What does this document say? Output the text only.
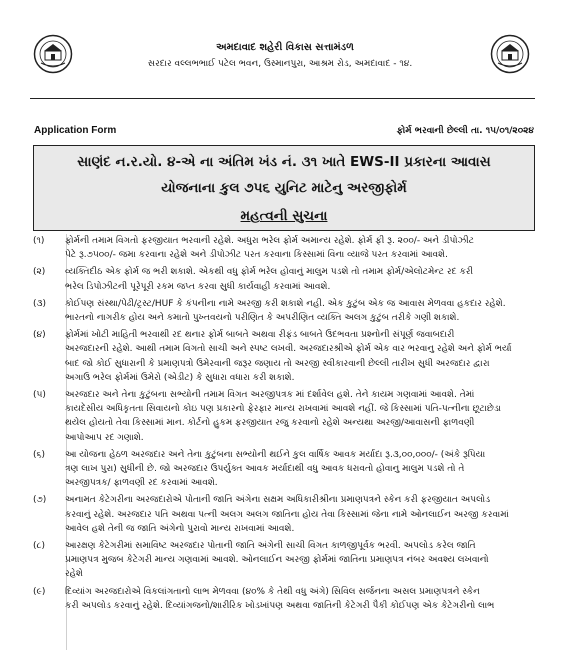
અમદાવાદ શહેરી વિકાસ સત્તામંડળ
સરદાર વલ્લભભાઈ પટેલ ભવન, ઉસ્માનપુરા, આશ્રમ રોડ, અમદાવાદ - ૧૪.
Application Form	ફોર્મ ભરવાની છેલ્લી તા. ૧૫/૦૧/૨૦૨૪
સાણંદ ન.ર.યો. ૪-એ ના અંતિમ ખંડ નં. ૩૧ ખાતે EWS-II પ્રકારના આવાસ
યોજનાના કુલ ૭૫૬ યુનિટ માટેનુ અરજીફોર્મ
મહત્વની સુચના
(૧)	ફોર્મની તમામ વિગતો ફરજીયાત ભરવાની રહેશે. અધુરા ભરેલ ફોર્મ અમાન્ય રહેશે. ફોર્મ ફી રૂ. ૨૦૦/- અને ડીપોઝીટ
પેટે રૂ.૭૫૦૦/- જમા કરવાના રહેશે અને ડીપોઝીટ પરત કરવાના કિસ્સામાં વિના વ્યાજે પરત કરવામાં આવશે.
(૨)	વ્યક્તિદીઠ એક ફોર્મ જ ભરી શકાશે. એકથી વધુ ફોર્મ ભરેલ હોવાનું માલુમ પડશે તો તમામ ફોર્મ/એલોટમેન્ટ રદ કરી
ભરેલ ડિપોઝીટની પૂરેપૂરી રકમ જપ્ત કરવા સુધી કાર્યવાહી કરવામાં આવશે.
(૩)	કોઈપણ સંસ્થા/પેઢી/ટ્રસ્ટ/HUF કે કંપનીના નામે અરજી કરી શકાશે નહી. એક કુટુંબ એક જ આવાસ મેળવવા હકદાર રહેશે.
ભારતનો નાગરીક હોય અને કમાતો પુખ્તવયનો પરીણિત કે અપરીણિત વ્યક્તિ અલગ કુટુંબ તરીકે ગણી શકાશે.
(૪)	ફોર્મમાં ખોટી માહિતી ભરવાથી રદ થનાર ફોર્મ બાબતે અથવા રીફંડ બાબતે ઉદભવતા પ્રશ્નોની સંપૂર્ણ જવાબદારી
અરજદારની રહેશે. આથી તમામ વિગતો સાચી અને સ્પષ્ટ લખવી. અરજદારશ્રીએ ફોર્મ એક વાર ભરવાનુ રહેશે અને ફોર્મ ભર્યા
બાદ જો કોઈ સુધારાની કે પ્રમાણપત્રો ઉમેરવાની જરૂર જણાય તો અરજી સ્વીકારવાની છેલ્લી તારીખ સુધી અરજદાર દ્વારા
અગાઉ ભરેલ ફોર્મમાં ઉમેરો (એડીટ) કે સુધારા વધારા કરી શકાશે.
(૫)	અરજદાર અને તેના કુટુંબના સભ્યોની તમામ વિગત અરજીપત્રક માં દર્શાવેલ હશે. તેને કાયમ ગણવામાં આવશે. તેમાં
કાયદેસીય અધિકૃતતા સિવાયનો કોઇ પણ પ્રકારનો ફેરફાર માન્ય રાખવામાં આવશે નહીં. જે કિસ્સામાં પતિ-પત્નીના છૂટાછેડા
થયેલ હોયતો તેવા કિસ્સામાં માન. કોર્ટનો હુકમ ફરજીયાત રજુ કરવાનો રહેશે અન્યથા અરજી/આવાસની ફાળવણી
આપોઆપ રદ ગણાશે.
(૬)	આ યોજના હેઠળ અરજદાર અને તેના કુટુંબના સભ્યોની થઈને કુલ વાર્ષિક આવક મર્યાદા રૂ.૩,૦૦,૦૦૦/- (અંકે રૂપિયા
ત્રણ લાખ પુરા) સુધીની છે. જો અરજદાર ઉપર્યુક્ત આવક મર્યાદાથી વધુ આવક ધરાવતો હોવાનુ માલુમ પડશે તો તે
અરજીપત્રક/ ફાળવણી રદ કરવામાં આવશે.
(૭)	અનામત કેટેગરીના અરજદારોએ પોતાની જાતિ અંગેના સક્ષમ અધિકારીશ્રીના પ્રમાણપત્રને સ્કેન કરી ફરજીયાત અપલોડ
કરવાનું રહેશે. અરજદાર પતિ અથવા પત્ની અલગ અલગ જાતિના હોય તેવા કિસ્સામાં જેના નામે ઓનલાઈન અરજી કરવામાં
આવેલ હશે તેની જ જાતિ અંગેનો પુરાવો માન્ય રાખવામાં આવશે.
(૮)	આરક્ષણ કેટેગરીમાં સમાવિષ્ટ અરજદાર પોતાની જાતિ અંગેની સાચી વિગત કાળજીપૂર્વક ભરવી. અપલોડ કરેલ જાતિ
પ્રમાણપત્ર મુજબ કેટેગરી માન્ય ગણવામાં આવશે. ઓનલાઈન અરજી ફોર્મમાં જાતિના પ્રમાણપત્ર નંબર અવશ્ય લખવાનો
રહેશે
(૯)	દિવ્યાંગ અરજદારોએ વિકલાંગતાનો લાભ મેળવવા (૪૦% કે તેથી વધુ અંગે) સિવિલ સર્જનના અસલ પ્રમાણપત્રને સ્કેન
કરી અપલોડ કરવાનું રહેશે. દિવ્યાંગજનો/શારીરિક ખોડખાંપણ અથવા જાતિની કેટેગરી પૈકી કોઈપણ એક કેટેગરીનો લાભ
